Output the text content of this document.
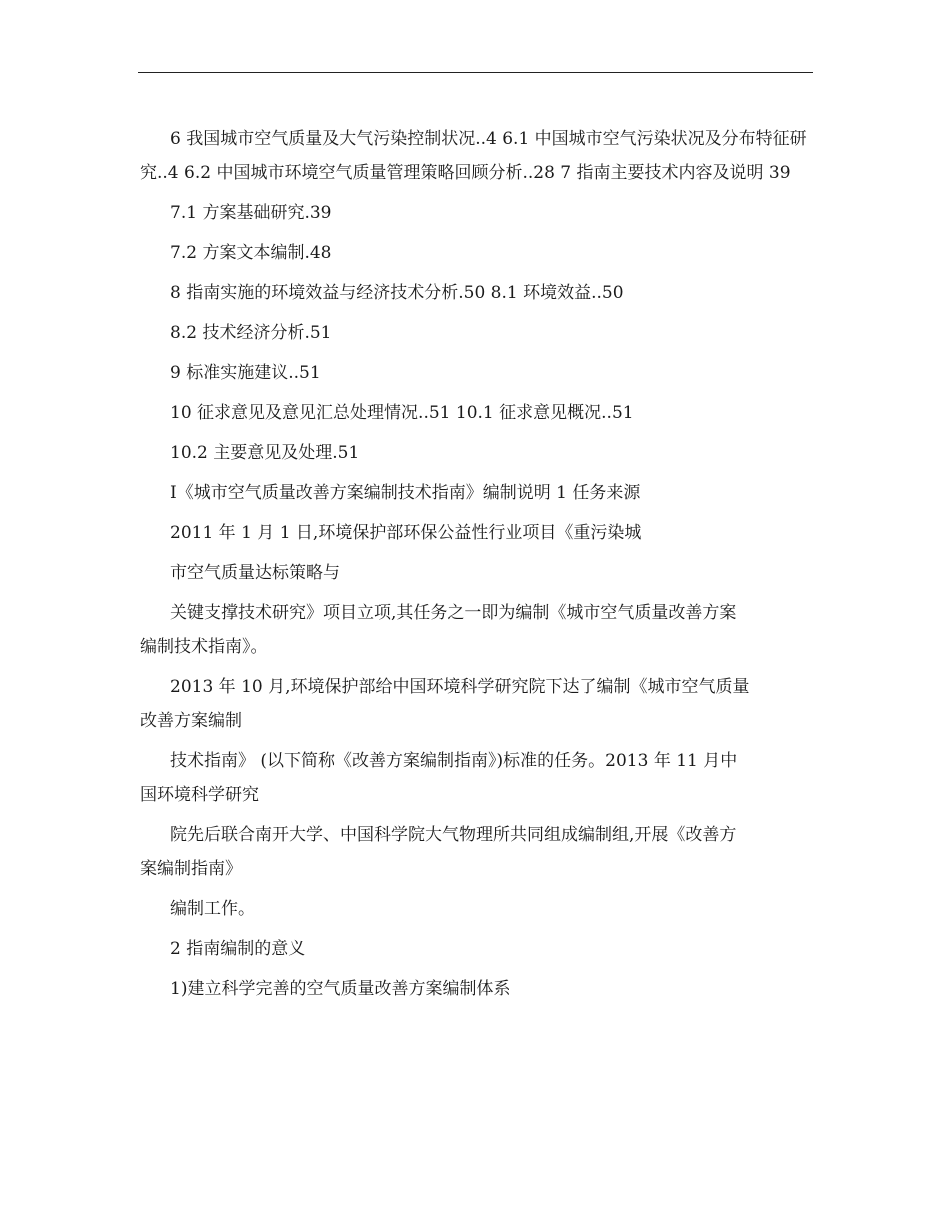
6 我国城市空气质量及大气污染控制状况..4 6.1 中国城市空气污染状况及分布特征研究..4 6.2 中国城市环境空气质量管理策略回顾分析..28 7 指南主要技术内容及说明 39

7.1 方案基础研究.39

7.2 方案文本编制.48

8 指南实施的环境效益与经济技术分析.50 8.1 环境效益..50

8.2 技术经济分析.51

9 标准实施建议..51

10 征求意见及意见汇总处理情况..51 10.1 征求意见概况..51

10.2 主要意见及处理.51

I《城市空气质量改善方案编制技术指南》编制说明 1 任务来源

2011 年 1 月 1 日,环境保护部环保公益性行业项目《重污染城

市空气质量达标策略与

关键支撑技术研究》项目立项,其任务之一即为编制《城市空气质量改善方案

编制技术指南》。

2013 年 10 月,环境保护部给中国环境科学研究院下达了编制《城市空气质量

改善方案编制

技术指南》 (以下简称《改善方案编制指南》)标准的任务。2013 年 11 月中

国环境科学研究

院先后联合南开大学、中国科学院大气物理所共同组成编制组,开展《改善方

案编制指南》

编制工作。

2 指南编制的意义

1)建立科学完善的空气质量改善方案编制体系
